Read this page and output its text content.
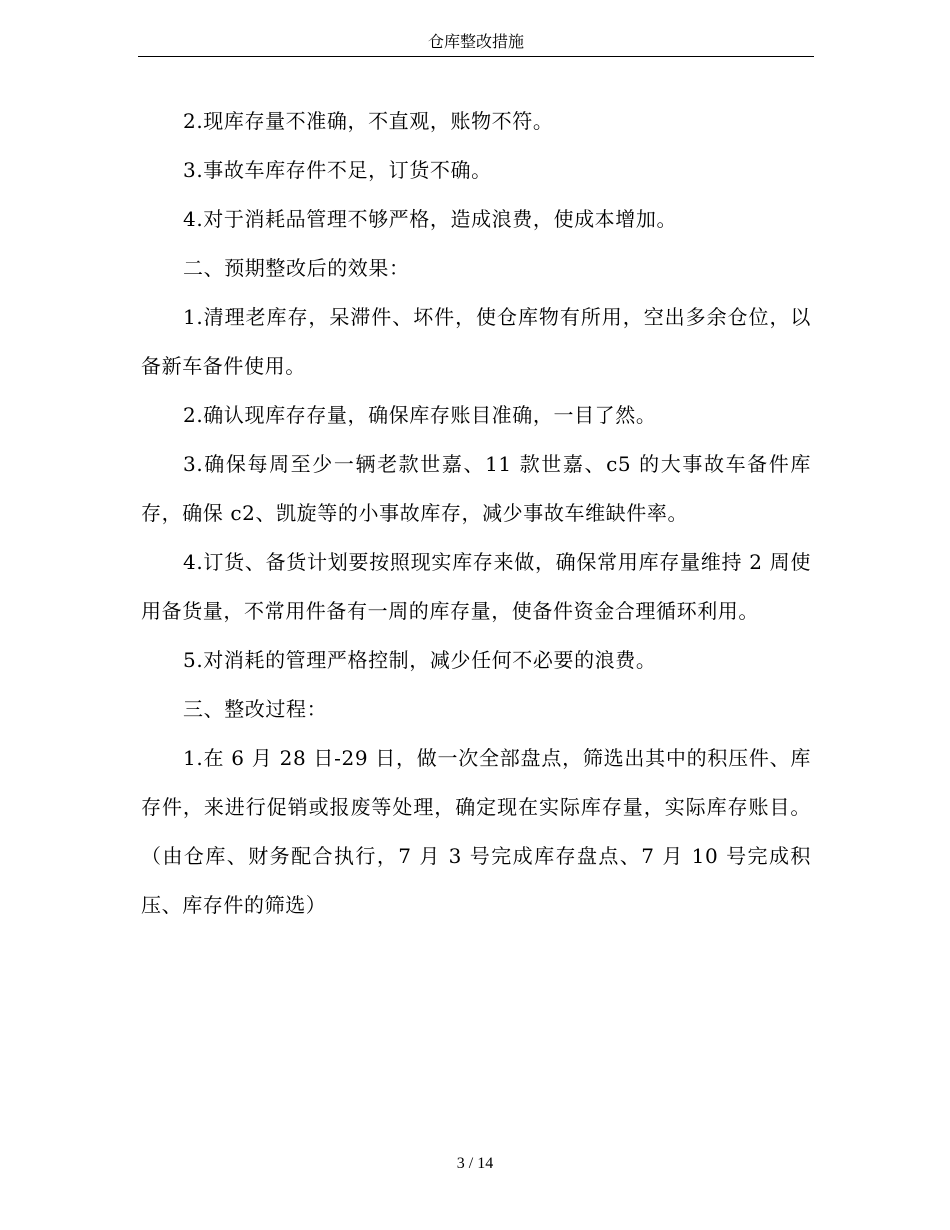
仓库整改措施

2.现库存量不准确，不直观，账物不符。

3.事故车库存件不足，订货不确。

4.对于消耗品管理不够严格，造成浪费，使成本增加。

二、预期整改后的效果：

1.清理老库存，呆滞件、坏件，使仓库物有所用，空出多余仓位，以备新车备件使用。

2.确认现库存存量，确保库存账目准确，一目了然。

3.确保每周至少一辆老款世嘉、11 款世嘉、c5 的大事故车备件库存，确保 c2、凯旋等的小事故库存，减少事故车维缺件率。

4.订货、备货计划要按照现实库存来做，确保常用库存量维持 2 周使用备货量，不常用件备有一周的库存量，使备件资金合理循环利用。

5.对消耗的管理严格控制，减少任何不必要的浪费。

三、整改过程：

1.在 6 月 28 日-29 日，做一次全部盘点，筛选出其中的积压件、库存件，来进行促销或报废等处理，确定现在实际库存量，实际库存账目。（由仓库、财务配合执行，7 月 3 号完成库存盘点、7 月 10 号完成积压、库存件的筛选）

3 / 14
